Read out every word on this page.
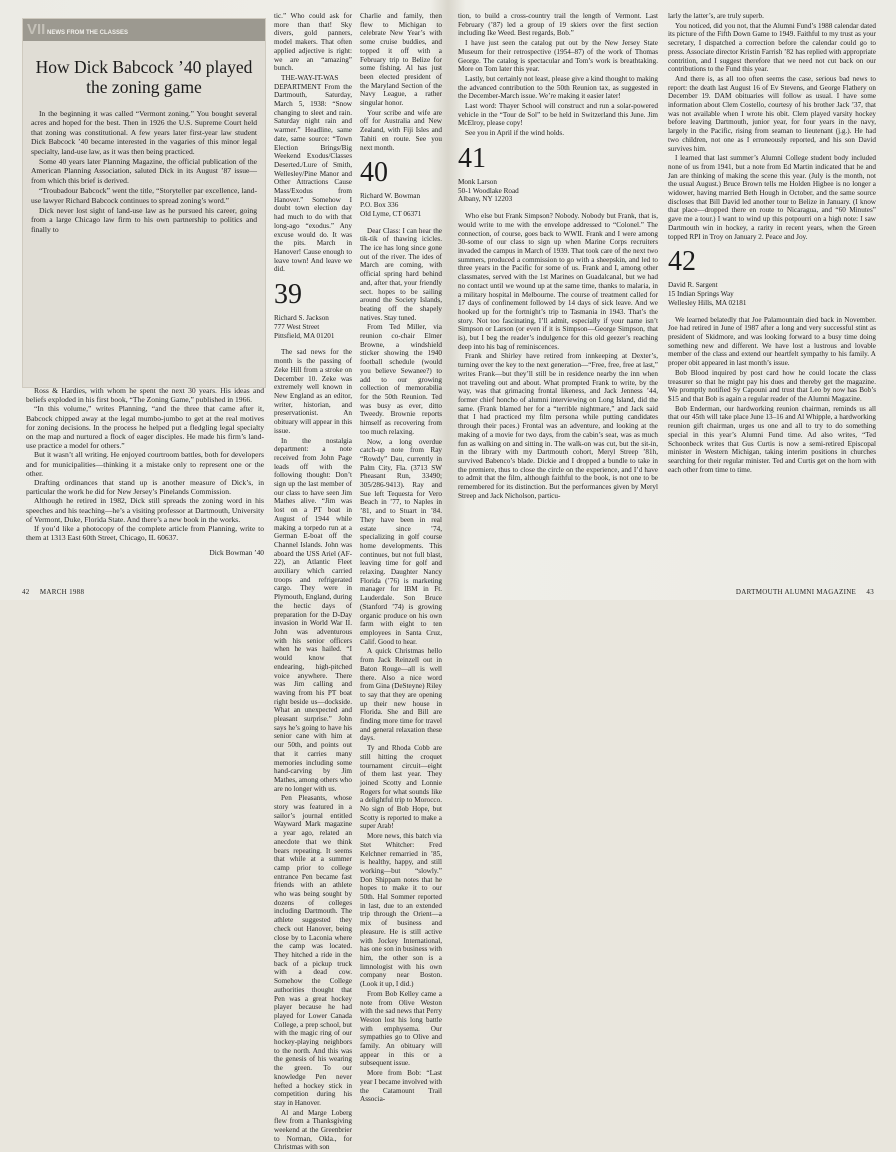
VII NEWS FROM THE CLASSES
How Dick Babcock ’40 played the zoning game

In the beginning it was called “Vermont zoning.” You bought several acres and hoped for the best. Then in 1926 the U.S. Supreme Court held that zoning was constitutional. A few years later first-year law student Dick Babcock ’40 became interested in the vagaries of this minor legal specialty, land-use law, as it was then being practiced.

Some 40 years later Planning Magazine, the official publication of the American Planning Association, saluted Dick in its August ’87 issue—from which this brief is derived.

“Troubadour Babcock” went the title, “Storyteller par excellence, land-use lawyer Richard Babcock continues to spread zoning’s word.”

Dick never lost sight of land-use law as he pursued his career, going from a large Chicago law firm to his own partnership to politics and finally to

Ross & Hardies, with whom he spent the next 30 years. His ideas and beliefs exploded in his first book, “The Zoning Game,” published in 1966.

“In this volume,” writes Planning, “and the three that came after it, Babcock chipped away at the legal mumbo-jumbo to get at the real motives for zoning decisions. In the process he helped put a fledgling legal specialty on the map and nurtured a flock of eager disciples. He made his firm’s land-use practice a model for others.”

But it wasn’t all writing. He enjoyed courtroom battles, both for developers and for municipalities—thinking it a mistake only to represent one or the other.

Drafting ordinances that stand up is another measure of Dick’s, in particular the work he did for New Jersey’s Pinelands Commission.

Although he retired in 1982, Dick still spreads the zoning word in his speeches and his teaching—he’s a visiting professor at Dartmouth, University of Vermont, Duke, Florida State. And there’s a new book in the works.

If you’d like a photocopy of the complete article from Planning, write to them at 1313 East 60th Street, Chicago, IL 60637.

Dick Bowman ’40

tic.” Who could ask for more than that! Sky divers, gold panners, model makers. That often applied adjective is right: we are an “amazing” bunch.

THE-WAY-IT-WAS DEPARTMENT From the Dartmouth, Saturday, March 5, 1938: “Snow changing to sleet and rain. Saturday night rain and warmer.” Headline, same date, same source: “Town Election Brings/Big Weekend Exodus/Classes Deserted./Lure of Smith, Wellesley/Pine Manor and Other Attractions Cause Mass/Exodus from Hanover.” Somehow I doubt town election day had much to do with that long-ago “exodus.” Any excuse would do. It was the pits. March in Hanover! Cause enough to leave town! And leave we did.

39
Richard S. Jackson
777 West Street
Pittsfield, MA 01201

The sad news for the month is the passing of Zeke Hill from a stroke on December 10. Zeke was extremely well known in New England as an editor, writer, historian, and preservationist. An obituary will appear in this issue.

In the nostalgia department: a note received from John Page leads off with the following thought: Don’t sign up the last member of our class to have seen Jim Mathes alive. “Jim was lost on a PT boat in August of 1944 while making a torpedo run at a German E-boat off the Channel Islands. John was aboard the USS Ariel (AF-22), an Atlantic Fleet auxiliary which carried troops and refrigerated cargo. They were in Plymouth, England, during the hectic days of preparation for the D-Day invasion in World War II. John was adventurous with his senior officers when he was hailed. “I would know that endearing, high-pitched voice anywhere. There was Jim calling and waving from his PT boat right beside us—dockside. What an unexpected and pleasant surprise.” John says he’s going to have his senior cane with him at our 50th, and points out that it carries many memories including some hand-carving by Jim Mathes, among others who are no longer with us.

Pen Pleasants, whose story was featured in a sailor’s journal entitled Wayward Mark magazine a year ago, related an anecdote that we think bears repeating. It seems that while at a summer camp prior to college entrance Pen became fast friends with an athlete who was being sought by dozens of colleges including Dartmouth. The athlete suggested they check out Hanover, being close by to Laconia where the camp was located. They hitched a ride in the back of a pickup truck with a dead cow. Somehow the College authorities thought that Pen was a great hockey player because he had played for Lower Canada College, a prep school, but with the magic ring of our hockey-playing neighbors to the north. And this was the genesis of his wearing the green. To our knowledge Pen never hefted a hockey stick in competition during his stay in Hanover.

Al and Marge Loberg flew from a Thanksgiving weekend at the Greenbrier to Norman, Okla., for Christmas with son

Charlie and family, then flew to Michigan to celebrate New Year’s with some cruise buddies, and topped it off with a February trip to Belize for some fishing. Al has just been elected president of the Maryland Section of the Navy League, a rather singular honor.

Your scribe and wife are off for Australia and New Zealand, with Fiji Isles and Tahiti en route. See you next month.

40
Richard W. Bowman
P.O. Box 336
Old Lyme, CT 06371

Dear Class: I can hear the tik-tik of thawing icicles. The ice has long since gone out of the river. The ides of March are coming, with official spring hard behind and, after that, your friendly sect. hopes to be sailing around the Society Islands, beating off the shapely natives. Stay tuned.

From Ted Miller, via reunion co-chair Elmer Browne, a windshield sticker showing the 1940 football schedule (would you believe Sewanee?) to add to our growing collection of memorabilia for the 50th Reunion. Ted was busy as ever, ditto Tweedy. Brownie reports himself as recovering from too much relaxing.

Now, a long overdue catch-up note from Ray “Rowdy” Dau, currently in Palm City, Fla. (3713 SW Pheasant Run, 33490; 305/286-9413). Ray and Sue left Tequesta for Vero Beach in ’77, to Naples in ’81, and to Stuart in ’84. They have been in real estate since ’74, specializing in golf course home developments. This continues, but not full blast, leaving time for golf and relaxing. Daughter Nancy Florida (’76) is marketing manager for IBM in Ft. Lauderdale. Son Bruce (Stanford ’74) is growing organic produce on his own farm with eight to ten employees in Santa Cruz, Calif. Good to hear.

A quick Christmas hello from Jack Reinzell out in Baton Rouge—all is well there. Also a nice word from Gina (DeSteyne) Riley to say that they are opening up their new house in Florida. She and Bill are finding more time for travel and general relaxation these days.

Ty and Rhoda Cobb are still hitting the croquet tournament circuit—eight of them last year. They joined Scotty and Lonnie Rogers for what sounds like a delightful trip to Morocco. No sign of Bob Hope, but Scotty is reported to make a super Arab!

More news, this batch via Stet Whitcher: Fred Kelchner remarried in ’85, is healthy, happy, and still working—but “slowly.” Don Shippam notes that he hopes to make it to our 50th. Hal Sommer reported in last, due to an extended trip through the Orient—a mix of business and pleasure. He is still active with Jockey International, has one son in business with him, the other son is a limnologist with his own company near Boston. (Look it up, I did.)

From Bob Kelley came a note from Olive Weston with the sad news that Perry Weston lost his long battle with emphysema. Our sympathies go to Olive and family. An obituary will appear in this or a subsequent issue.

More from Bob: “Last year I became involved with the Catamount Trail Associa-

42 MARCH 1988

tion, to build a cross-country trail the length of Vermont. Last February (’87) led a group of 19 skiers over the first section including Ike Weed. Best regards, Bob.”

I have just seen the catalog put out by the New Jersey State Museum for their retrospective (1954–87) of the work of Thomas George. The catalog is spectacular and Tom’s work is breathtaking. More on Tom later this year.

Lastly, but certainly not least, please give a kind thought to making the advanced contribution to the 50th Reunion tax, as suggested in the December-March issue. We’re making it easier later!

Last word: Thayer School will construct and run a solar-powered vehicle in the “Tour de Sol” to be held in Switzerland this June. Jim McElroy, please copy!

See you in April if the wind holds.

41
Monk Larson
50-1 Woodlake Road
Albany, NY 12203

Who else but Frank Simpson? Nobody. Nobody but Frank, that is, would write to me with the envelope addressed to “Colonel.” The connection, of course, goes back to WWII. Frank and I were among 30-some of our class to sign up when Marine Corps recruiters invaded the campus in March of 1939. That took care of the next two summers, produced a commission to go with a sheepskin, and led to three years in the Pacific for some of us. Frank and I, among other classmates, served with the 1st Marines on Guadalcanal, but we had no contact until we wound up at the same time, thanks to malaria, in a military hospital in Melbourne. The course of treatment called for 17 days of confinement followed by 14 days of sick leave. And we hooked up for the fortnight’s trip to Tasmania in 1943. That’s the story. Not too fascinating, I’ll admit, especially if your name isn’t Simpson or Larson (or even if it is Simpson—George Simpson, that is), but I beg the reader’s indulgence for this old geezer’s reaching deep into his bag of reminiscences.

Frank and Shirley have retired from innkeeping at Dexter’s, turning over the key to the next generation—“Free, free, free at last,” writes Frank—but they’ll still be in residence nearby the inn when not traveling out and about. What prompted Frank to write, by the way, was that grimacing frontal likeness, and Jack Jenness ’44, former chief honcho of alumni interviewing on Long Island, did the same. (Frank blamed her for a “terrible nightmare,” and Jack said that I had practiced my film persona while putting candidates through their paces.) Frontal was an adventure, and looking at the making of a movie for two days, from the cabin’s seat, was as much fun as walking on and sitting in. The walk-on was cut, but the sit-in, in the library with my Dartmouth cohort, Meryl Streep ’81h, survived Babenco’s blade. Dickie and I dropped a bundle to take in the premiere, thus to close the circle on the experience, and I’d have to admit that the film, although faithful to the book, is not one to be remembered for its distinction. But the performances given by Meryl Streep and Jack Nicholson, particu-

larly the latter’s, are truly superb.

You noticed, did you not, that the Alumni Fund’s 1988 calendar dated its picture of the Fifth Down Game to 1949. Faithful to my trust as your secretary, I dispatched a correction before the calendar could go to press. Associate director Kristin Farrish ’82 has replied with appropriate contrition, and I suggest therefore that we need not cut back on our contributions to the Fund this year.

And there is, as all too often seems the case, serious bad news to report: the death last August 16 of Ev Stevens, and George Flathery on December 19. DAM obituaries will follow as usual. I have some information about Clem Costello, courtesy of his brother Jack ’37, that was not available when I wrote his obit. Clem played varsity hockey before leaving Dartmouth, junior year, for four years in the navy, largely in the Pacific, rising from seaman to lieutenant (j.g.). He had two children, not one as I erroneously reported, and his son David survives him.

I learned that last summer’s Alumni College student body included none of us from 1941, but a note from Ed Martin indicated that he and Jan are thinking of making the scene this year. (July is the month, not the usual August.) Bruce Brown tells me Holden Higbee is no longer a widower, having married Beth Hough in October, and the same source discloses that Bill David led another tour to Belize in January. (I know that place—dropped there en route to Nicaragua, and “60 Minutes” gave me a tour.) I want to wind up this potpourri on a high note: I saw Dartmouth win in hockey, a rarity in recent years, when the Green topped RPI in Troy on January 2. Peace and Joy.

42
David R. Sargent
15 Indian Springs Way
Wellesley Hills, MA 02181

We learned belatedly that Joe Palamountain died back in November. Joe had retired in June of 1987 after a long and very successful stint as president of Skidmore, and was looking forward to a busy time doing something new and different. We have lost a lustrous and lovable member of the class and extend our heartfelt sympathy to his family. A proper obit appeared in last month’s issue.

Bob Blood inquired by post card how he could locate the class treasurer so that he might pay his dues and thereby get the magazine. We promptly notified Sy Capouni and trust that Leo by now has Bob’s $15 and that Bob is again a regular reader of the Alumni Magazine.

Bob Enderman, our hardworking reunion chairman, reminds us all that our 45th will take place June 13–16 and Al Whipple, a hardworking reunion gift chairman, urges us one and all to try to do something special in this year’s Alumni Fund time. Ad also writes, “Ted Schoonbeck writes that Gus Curtis is now a semi-retired Episcopal minister in Western Michigan, taking interim positions in churches searching for their regular minister. Ted and Curtis get on the horn with each other from time to time.

DARTMOUTH ALUMNI MAGAZINE 43
